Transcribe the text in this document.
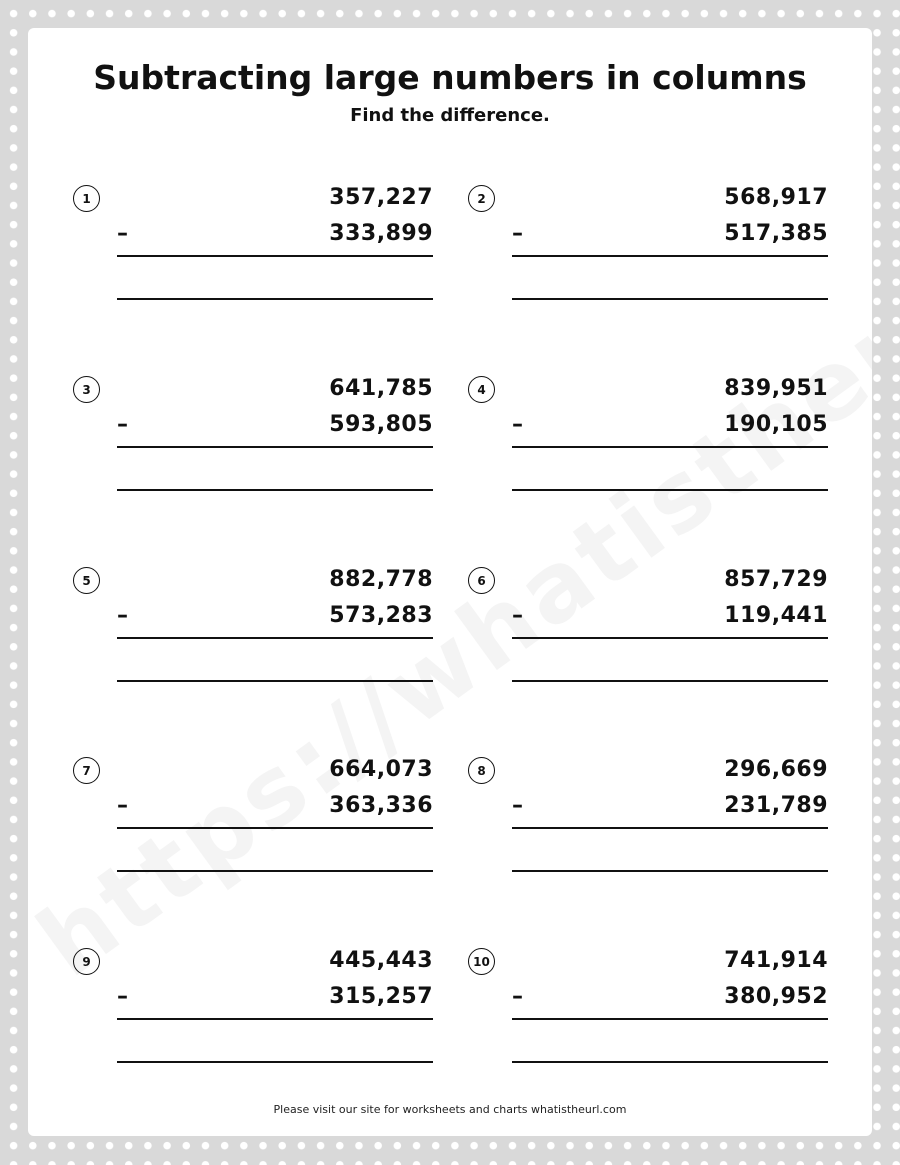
Subtracting large numbers in columns
Find the difference.
1	357,227
–	333,899
2	568,917
–	517,385
3	641,785
–	593,805
4	839,951
–	190,105
5	882,778
–	573,283
6	857,729
–	119,441
7	664,073
–	363,336
8	296,669
–	231,789
9	445,443
–	315,257
10	741,914
–	380,952
Please visit our site for worksheets and charts whatistheurl.com
